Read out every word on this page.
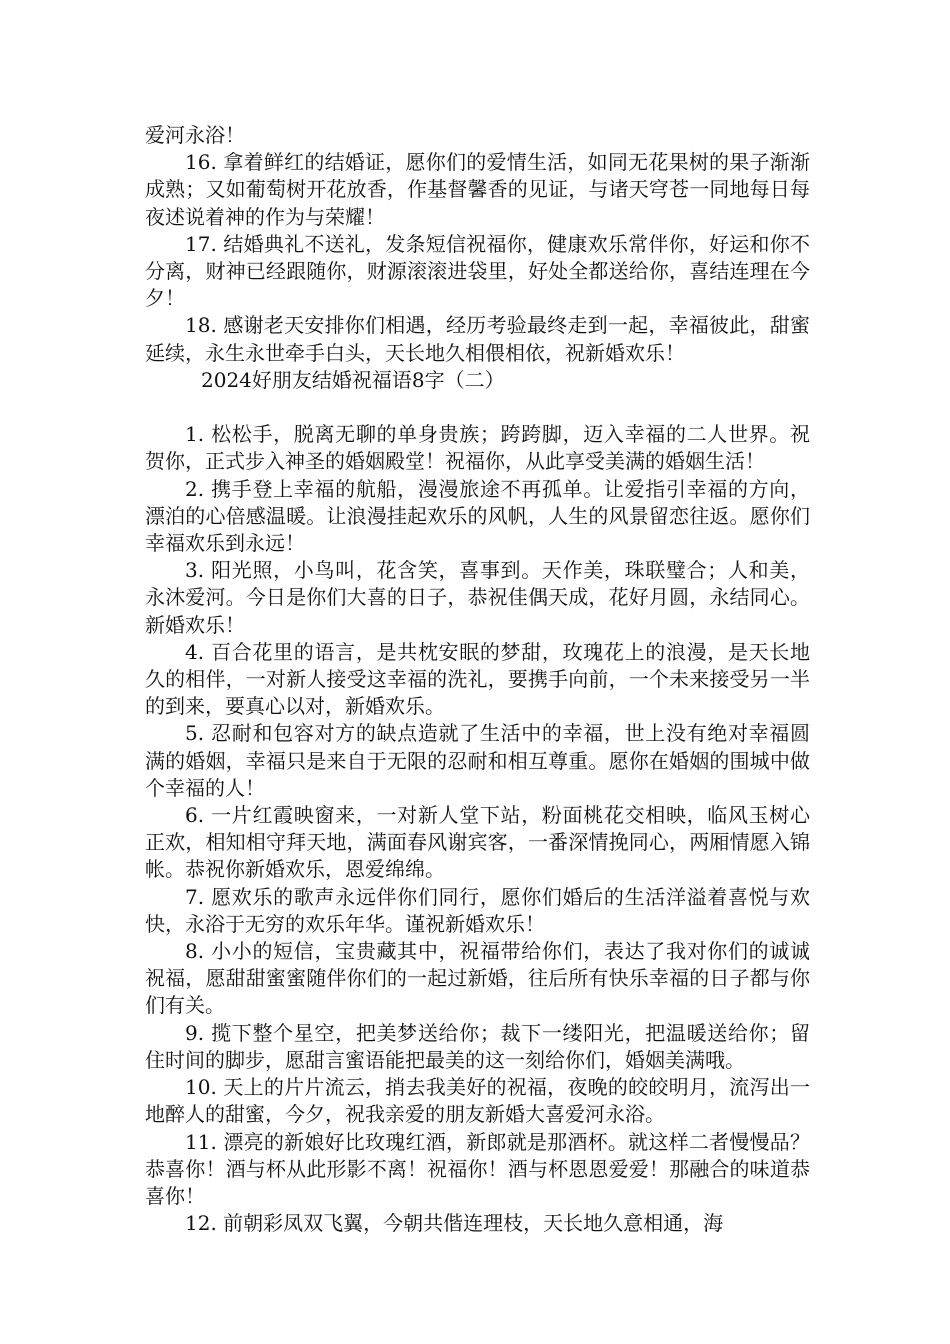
爱河永浴！

16. 拿着鲜红的结婚证，愿你们的爱情生活，如同无花果树的果子渐渐成熟；又如葡萄树开花放香，作基督馨香的见证，与诸天穹苍一同地每日每夜述说着神的作为与荣耀！

17. 结婚典礼不送礼，发条短信祝福你，健康欢乐常伴你，好运和你不分离，财神已经跟随你，财源滚滚进袋里，好处全都送给你，喜结连理在今夕！

18. 感谢老天安排你们相遇，经历考验最终走到一起，幸福彼此，甜蜜延续，永生永世牵手白头，天长地久相偎相依，祝新婚欢乐！

2024好朋友结婚祝福语8字（二）

1. 松松手，脱离无聊的单身贵族；跨跨脚，迈入幸福的二人世界。祝贺你，正式步入神圣的婚姻殿堂！祝福你，从此享受美满的婚姻生活！

2. 携手登上幸福的航船，漫漫旅途不再孤单。让爱指引幸福的方向，漂泊的心倍感温暖。让浪漫挂起欢乐的风帆，人生的风景留恋往返。愿你们幸福欢乐到永远！

3. 阳光照，小鸟叫，花含笑，喜事到。天作美，珠联璧合；人和美，永沐爱河。今日是你们大喜的日子，恭祝佳偶天成，花好月圆，永结同心。新婚欢乐！

4. 百合花里的语言，是共枕安眠的梦甜，玫瑰花上的浪漫，是天长地久的相伴，一对新人接受这幸福的洗礼，要携手向前，一个未来接受另一半的到来，要真心以对，新婚欢乐。

5. 忍耐和包容对方的缺点造就了生活中的幸福，世上没有绝对幸福圆满的婚姻，幸福只是来自于无限的忍耐和相互尊重。愿你在婚姻的围城中做个幸福的人！

6. 一片红霞映窗来，一对新人堂下站，粉面桃花交相映，临风玉树心正欢，相知相守拜天地，满面春风谢宾客，一番深情挽同心，两厢情愿入锦帐。恭祝你新婚欢乐，恩爱绵绵。

7. 愿欢乐的歌声永远伴你们同行，愿你们婚后的生活洋溢着喜悦与欢快，永浴于无穷的欢乐年华。谨祝新婚欢乐！

8. 小小的短信，宝贵藏其中，祝福带给你们，表达了我对你们的诚诚祝福，愿甜甜蜜蜜随伴你们的一起过新婚，往后所有快乐幸福的日子都与你们有关。

9. 揽下整个星空，把美梦送给你；裁下一缕阳光，把温暖送给你；留住时间的脚步，愿甜言蜜语能把最美的这一刻给你们，婚姻美满哦。

10. 天上的片片流云，捎去我美好的祝福，夜晚的皎皎明月，流泻出一地醉人的甜蜜，今夕，祝我亲爱的朋友新婚大喜爱河永浴。

11. 漂亮的新娘好比玫瑰红酒，新郎就是那酒杯。就这样二者慢慢品？恭喜你！酒与杯从此形影不离！祝福你！酒与杯恩恩爱爱！那融合的味道恭喜你！

12. 前朝彩凤双飞翼，今朝共偕连理枝，天长地久意相通，海
